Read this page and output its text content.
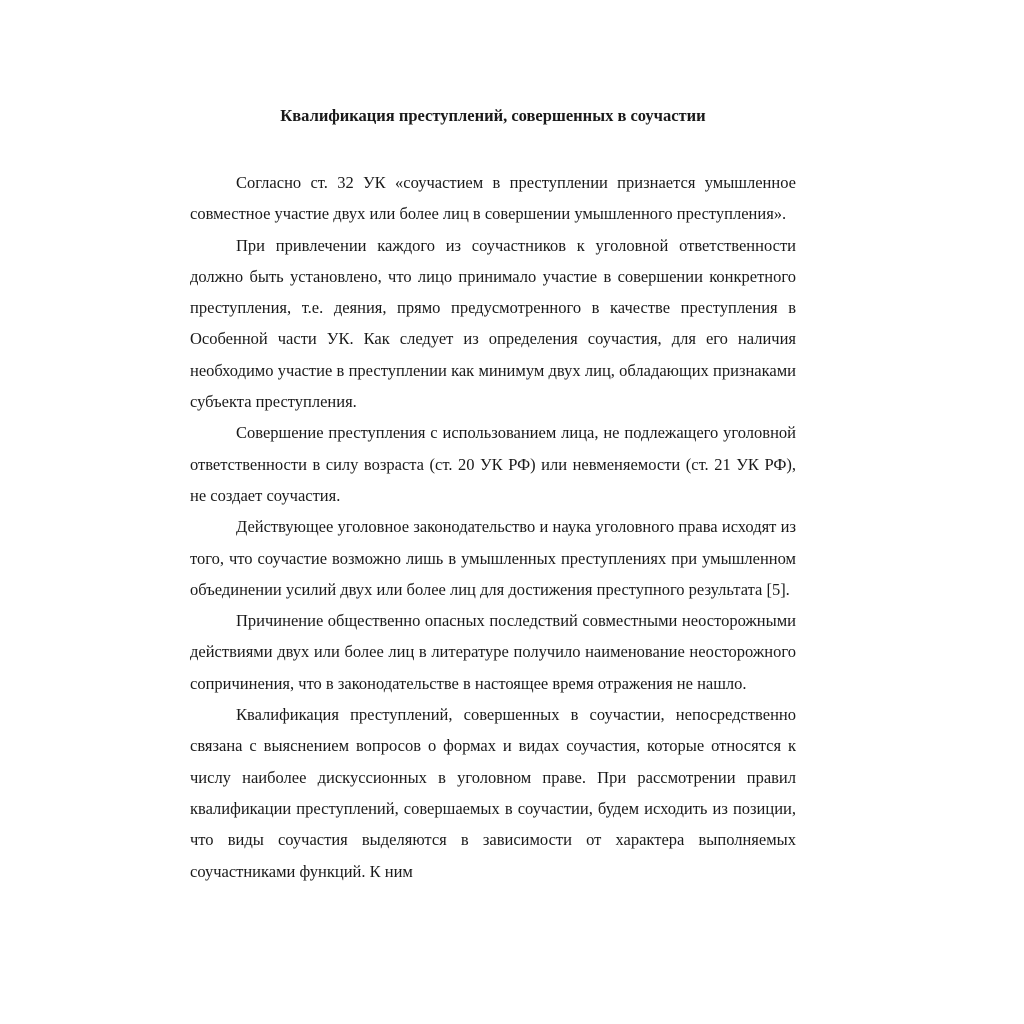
Квалификация преступлений, совершенных в соучастии

Согласно ст. 32 УК «соучастием в преступлении признается умышленное совместное участие двух или более лиц в совершении умышленного преступления».

При привлечении каждого из соучастников к уголовной ответственности должно быть установлено, что лицо принимало участие в совершении конкретного преступления, т.е. деяния, прямо предусмотренного в качестве преступления в Особенной части УК. Как следует из определения соучастия, для его наличия необходимо участие в преступлении как минимум двух лиц, обладающих признаками субъекта преступления.

Совершение преступления с использованием лица, не подлежащего уголовной ответственности в силу возраста (ст. 20 УК РФ) или невменяемости (ст. 21 УК РФ), не создает соучастия.

Действующее уголовное законодательство и наука уголовного права исходят из того, что соучастие возможно лишь в умышленных преступлениях при умышленном объединении усилий двух или более лиц для достижения преступного результата [5].

Причинение общественно опасных последствий совместными неосторожными действиями двух или более лиц в литературе получило наименование неосторожного сопричинения, что в законодательстве в настоящее время отражения не нашло.

Квалификация преступлений, совершенных в соучастии, непосредственно связана с выяснением вопросов о формах и видах соучастия, которые относятся к числу наиболее дискуссионных в уголовном праве. При рассмотрении правил квалификации преступлений, совершаемых в соучастии, будем исходить из позиции, что виды соучастия выделяются в зависимости от характера выполняемых соучастниками функций. К ним
